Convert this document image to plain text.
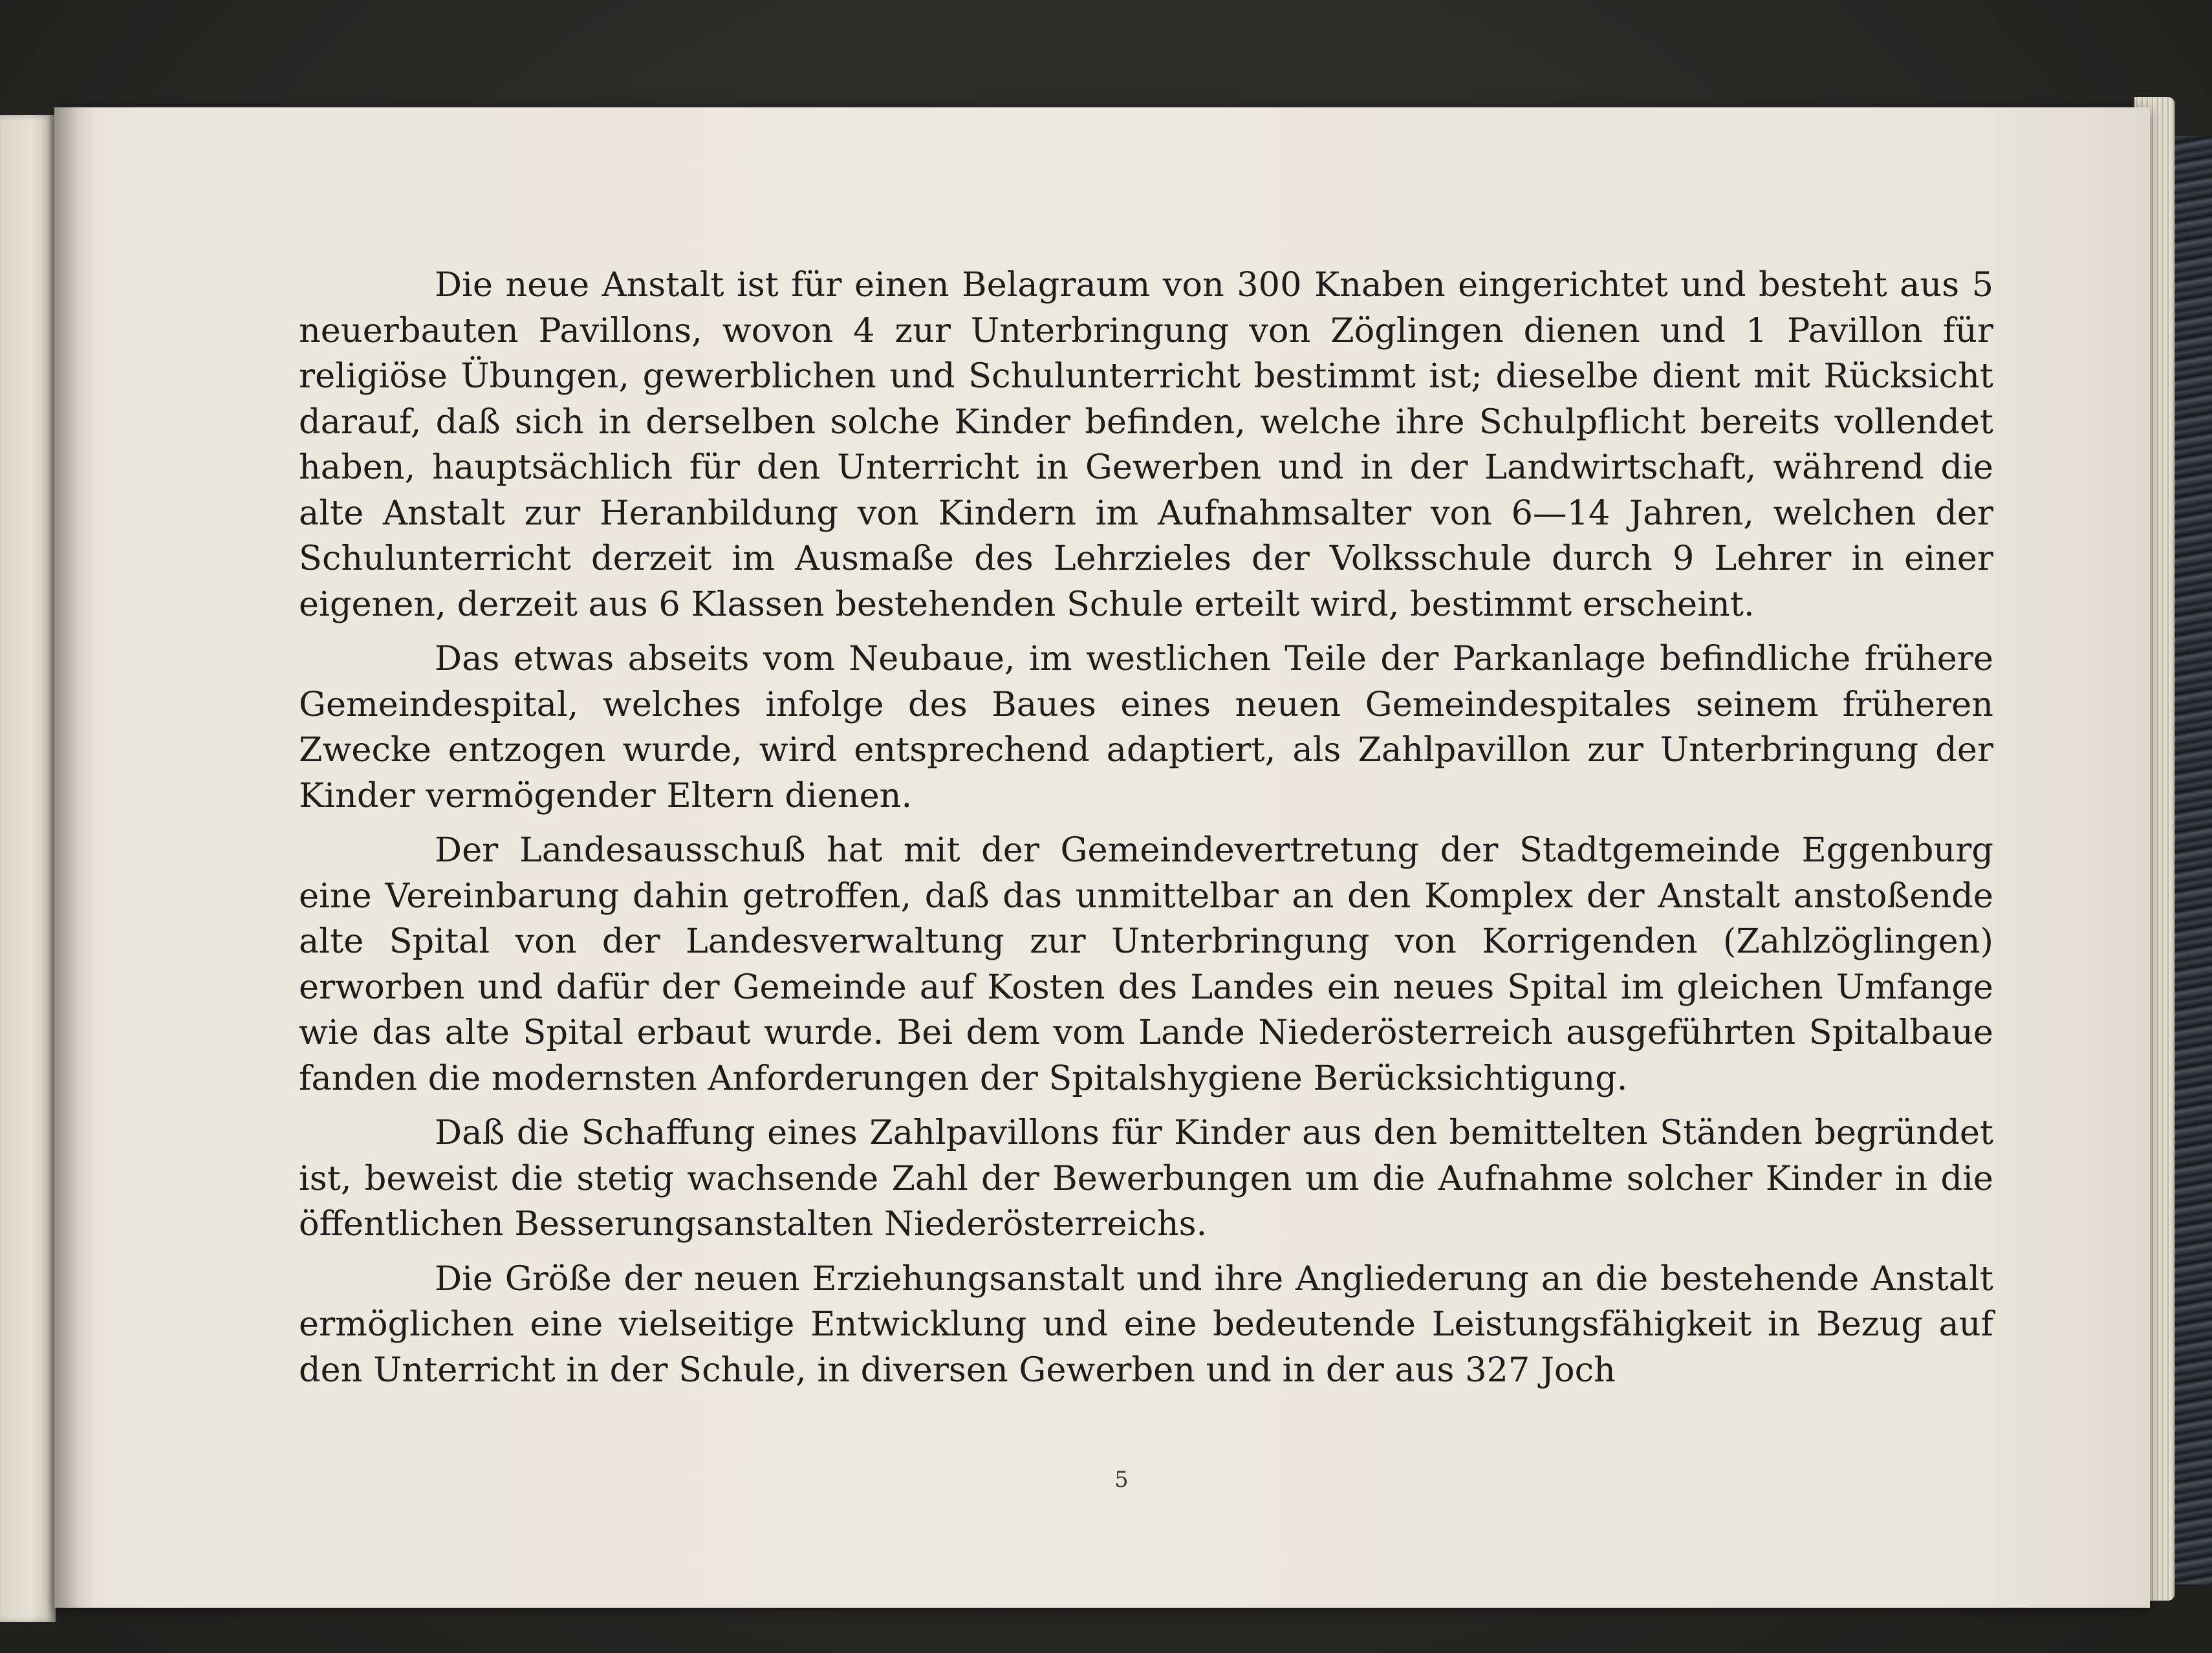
Die neue Anstalt ist für einen Belagraum von 300 Knaben eingerichtet und besteht aus 5 neuerbauten Pavillons, wovon 4 zur Unterbringung von Zöglingen dienen und 1 Pavillon für religiöse Übungen, gewerblichen und Schulunterricht bestimmt ist; dieselbe dient mit Rücksicht darauf, daß sich in derselben solche Kinder befinden, welche ihre Schulpflicht bereits vollendet haben, hauptsächlich für den Unterricht in Gewerben und in der Landwirtschaft, während die alte Anstalt zur Heranbildung von Kindern im Aufnahmsalter von 6—14 Jahren, welchen der Schulunterricht derzeit im Ausmaße des Lehrzieles der Volksschule durch 9 Lehrer in einer eigenen, derzeit aus 6 Klassen bestehenden Schule erteilt wird, bestimmt erscheint.

Das etwas abseits vom Neubaue, im westlichen Teile der Parkanlage befindliche frühere Gemeindespital, welches infolge des Baues eines neuen Gemeindespitales seinem früheren Zwecke entzogen wurde, wird entsprechend adaptiert, als Zahlpavillon zur Unterbringung der Kinder vermögender Eltern dienen.

Der Landesausschuß hat mit der Gemeindevertretung der Stadtgemeinde Eggenburg eine Vereinbarung dahin getroffen, daß das unmittelbar an den Komplex der Anstalt anstoßende alte Spital von der Landesverwaltung zur Unterbringung von Korrigenden (Zahlzöglingen) erworben und dafür der Gemeinde auf Kosten des Landes ein neues Spital im gleichen Umfange wie das alte Spital erbaut wurde. Bei dem vom Lande Niederösterreich ausgeführten Spitalbaue fanden die modernsten Anforderungen der Spitalshygiene Berücksichtigung.

Daß die Schaffung eines Zahlpavillons für Kinder aus den bemittelten Ständen begründet ist, beweist die stetig wachsende Zahl der Bewerbungen um die Aufnahme solcher Kinder in die öffentlichen Besserungsanstalten Niederösterreichs.

Die Größe der neuen Erziehungsanstalt und ihre Angliederung an die bestehende Anstalt ermöglichen eine vielseitige Entwicklung und eine bedeutende Leistungsfähigkeit in Bezug auf den Unterricht in der Schule, in diversen Gewerben und in der aus 327 Joch

5
